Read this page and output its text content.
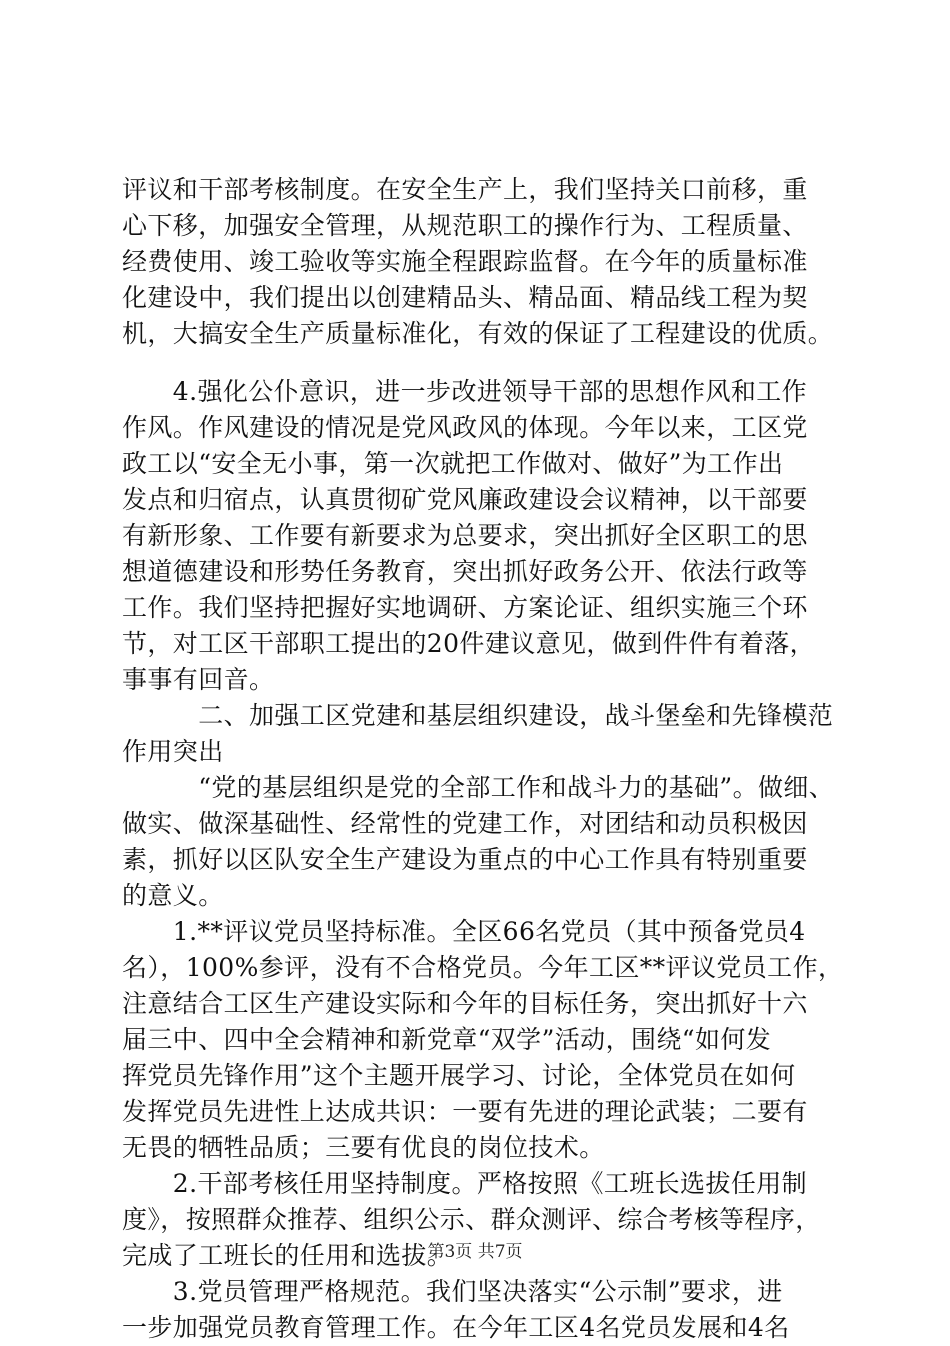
评议和干部考核制度。在安全生产上，我们坚持关口前移，重
心下移，加强安全管理，从规范职工的操作行为、工程质量、
经费使用、竣工验收等实施全程跟踪监督。在今年的质量标准
化建设中，我们提出以创建精品头、精品面、精品线工程为契
机，大搞安全生产质量标准化，有效的保证了工程建设的优质。
　　4.强化公仆意识，进一步改进领导干部的思想作风和工作
作风。作风建设的情况是党风政风的体现。今年以来，工区党
政工以“安全无小事，第一次就把工作做对、做好”为工作出
发点和归宿点，认真贯彻矿党风廉政建设会议精神，以干部要
有新形象、工作要有新要求为总要求，突出抓好全区职工的思
想道德建设和形势任务教育，突出抓好政务公开、依法行政等
工作。我们坚持把握好实地调研、方案论证、组织实施三个环
节，对工区干部职工提出的20件建议意见，做到件件有着落，
事事有回音。
　　　二、加强工区党建和基层组织建设，战斗堡垒和先锋模范
作用突出
　　　“党的基层组织是党的全部工作和战斗力的基础”。做细、
做实、做深基础性、经常性的党建工作，对团结和动员积极因
素，抓好以区队安全生产建设为重点的中心工作具有特别重要
的意义。
　　1.**评议党员坚持标准。全区66名党员（其中预备党员4
名），100%参评，没有不合格党员。今年工区**评议党员工作，
注意结合工区生产建设实际和今年的目标任务，突出抓好十六
届三中、四中全会精神和新党章“双学”活动，围绕“如何发
挥党员先锋作用”这个主题开展学习、讨论，全体党员在如何
发挥党员先进性上达成共识：一要有先进的理论武装；二要有
无畏的牺牲品质；三要有优良的岗位技术。
　　2.干部考核任用坚持制度。严格按照《工班长选拔任用制
度》，按照群众推荐、组织公示、群众测评、综合考核等程序，
完成了工班长的任用和选拔。
　　3.党员管理严格规范。我们坚决落实“公示制”要求，进
一步加强党员教育管理工作。在今年工区4名党员发展和4名
第3页 共7页
